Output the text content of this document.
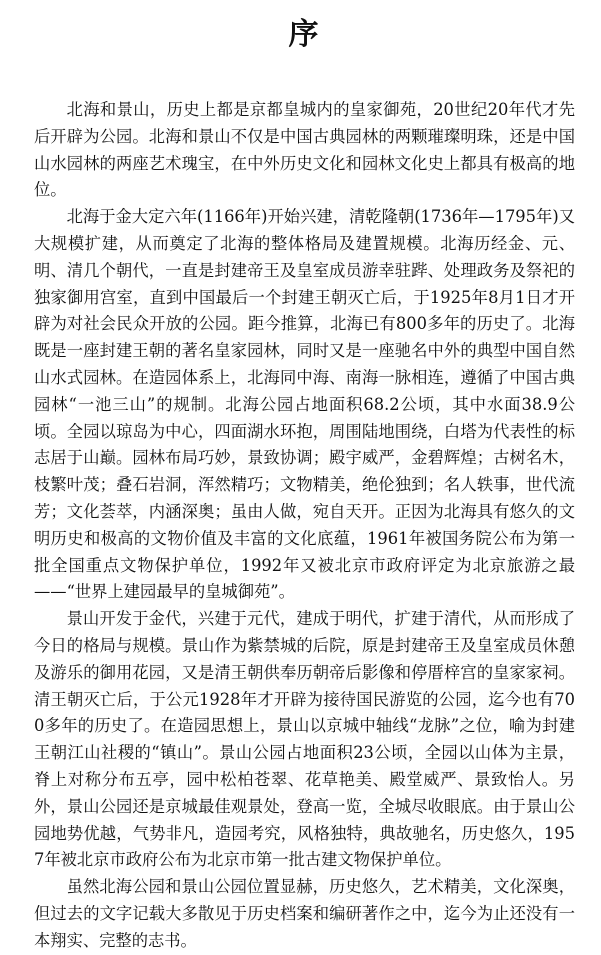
序

北海和景山，历史上都是京都皇城内的皇家御苑，20世纪20年代才先后开辟为公园。北海和景山不仅是中国古典园林的两颗璀璨明珠，还是中国山水园林的两座艺术瑰宝，在中外历史文化和园林文化史上都具有极高的地位。

北海于金大定六年(1166年)开始兴建，清乾隆朝(1736年—1795年)又大规模扩建，从而奠定了北海的整体格局及建置规模。北海历经金、元、明、清几个朝代，一直是封建帝王及皇室成员游幸驻跸、处理政务及祭祀的独家御用宫室，直到中国最后一个封建王朝灭亡后，于1925年8月1日才开辟为对社会民众开放的公园。距今推算，北海已有800多年的历史了。北海既是一座封建王朝的著名皇家园林，同时又是一座驰名中外的典型中国自然山水式园林。在造园体系上，北海同中海、南海一脉相连，遵循了中国古典园林“一池三山”的规制。北海公园占地面积68.2公顷，其中水面38.9公顷。全园以琼岛为中心，四面湖水环抱，周围陆地围绕，白塔为代表性的标志居于山巅。园林布局巧妙，景致协调；殿宇威严，金碧辉煌；古树名木，枝繁叶茂；叠石岩洞，浑然精巧；文物精美，绝伦独到；名人轶事，世代流芳；文化荟萃，内涵深奥；虽由人做，宛自天开。正因为北海具有悠久的文明历史和极高的文物价值及丰富的文化底蕴，1961年被国务院公布为第一批全国重点文物保护单位，1992年又被北京市政府评定为北京旅游之最——“世界上建园最早的皇城御苑”。

景山开发于金代，兴建于元代，建成于明代，扩建于清代，从而形成了今日的格局与规模。景山作为紫禁城的后院，原是封建帝王及皇室成员休憩及游乐的御用花园，又是清王朝供奉历朝帝后影像和停厝梓宫的皇家家祠。清王朝灭亡后，于公元1928年才开辟为接待国民游览的公园，迄今也有700多年的历史了。在造园思想上，景山以京城中轴线“龙脉”之位，喻为封建王朝江山社稷的“镇山”。景山公园占地面积23公顷，全园以山体为主景，脊上对称分布五亭，园中松柏苍翠、花草艳美、殿堂威严、景致怡人。另外，景山公园还是京城最佳观景处，登高一览，全城尽收眼底。由于景山公园地势优越，气势非凡，造园考究，风格独特，典故驰名，历史悠久，1957年被北京市政府公布为北京市第一批古建文物保护单位。

虽然北海公园和景山公园位置显赫，历史悠久，艺术精美，文化深奥，但过去的文字记载大多散见于历史档案和编研著作之中，迄今为止还没有一本翔实、完整的志书。
